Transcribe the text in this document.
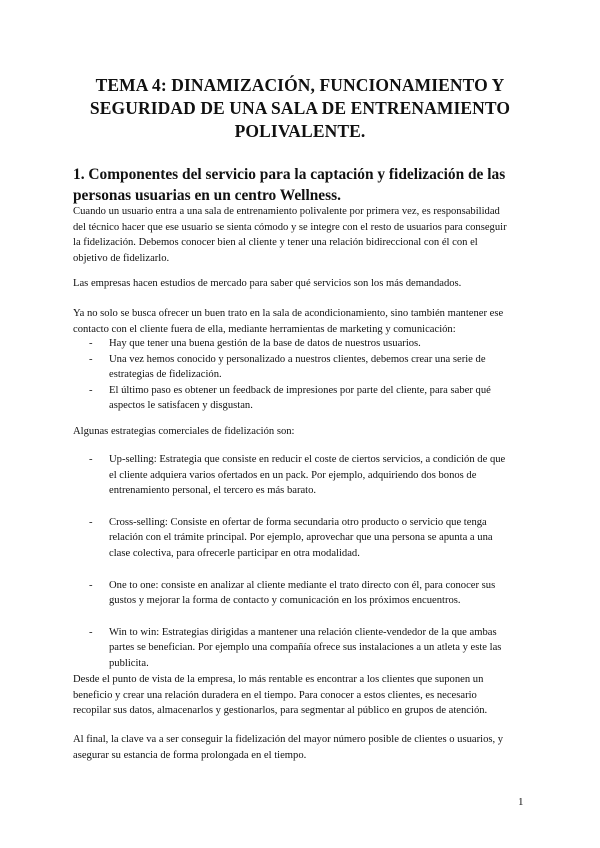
TEMA 4: DINAMIZACIÓN, FUNCIONAMIENTO Y
SEGURIDAD DE UNA SALA DE ENTRENAMIENTO
POLIVALENTE.
1. Componentes del servicio para la captación y fidelización de las
personas usuarias en un centro Wellness.

Cuando un usuario entra a una sala de entrenamiento polivalente por primera vez, es responsabilidad
del técnico hacer que ese usuario se sienta cómodo y se integre con el resto de usuarios para conseguir
la fidelización. Debemos conocer bien al cliente y tener una relación bidireccional con él con el
objetivo de fidelizarlo.

Las empresas hacen estudios de mercado para saber qué servicios son los más demandados.

Ya no solo se busca ofrecer un buen trato en la sala de acondicionamiento, sino también mantener ese
contacto con el cliente fuera de ella, mediante herramientas de marketing y comunicación:

- Hay que tener una buena gestión de la base de datos de nuestros usuarios.
- Una vez hemos conocido y personalizado a nuestros clientes, debemos crear una serie de
estrategias de fidelización.
- El último paso es obtener un feedback de impresiones por parte del cliente, para saber qué
aspectos le satisfacen y disgustan.

Algunas estrategias comerciales de fidelización son:

- Up-selling: Estrategia que consiste en reducir el coste de ciertos servicios, a condición de que
el cliente adquiera varios ofertados en un pack. Por ejemplo, adquiriendo dos bonos de
entrenamiento personal, el tercero es más barato.
- Cross-selling: Consiste en ofertar de forma secundaria otro producto o servicio que tenga
relación con el trámite principal. Por ejemplo, aprovechar que una persona se apunta a una
clase colectiva, para ofrecerle participar en otra modalidad.
- One to one: consiste en analizar al cliente mediante el trato directo con él, para conocer sus
gustos y mejorar la forma de contacto y comunicación en los próximos encuentros.
- Win to win: Estrategias dirigidas a mantener una relación cliente-vendedor de la que ambas
partes se benefician. Por ejemplo una compañía ofrece sus instalaciones a un atleta y este las
publicita.

Desde el punto de vista de la empresa, lo más rentable es encontrar a los clientes que suponen un
beneficio y crear una relación duradera en el tiempo. Para conocer a estos clientes, es necesario
recopilar sus datos, almacenarlos y gestionarlos, para segmentar al público en grupos de atención.

Al final, la clave va a ser conseguir la fidelización del mayor número posible de clientes o usuarios, y
asegurar su estancia de forma prolongada en el tiempo.

1
